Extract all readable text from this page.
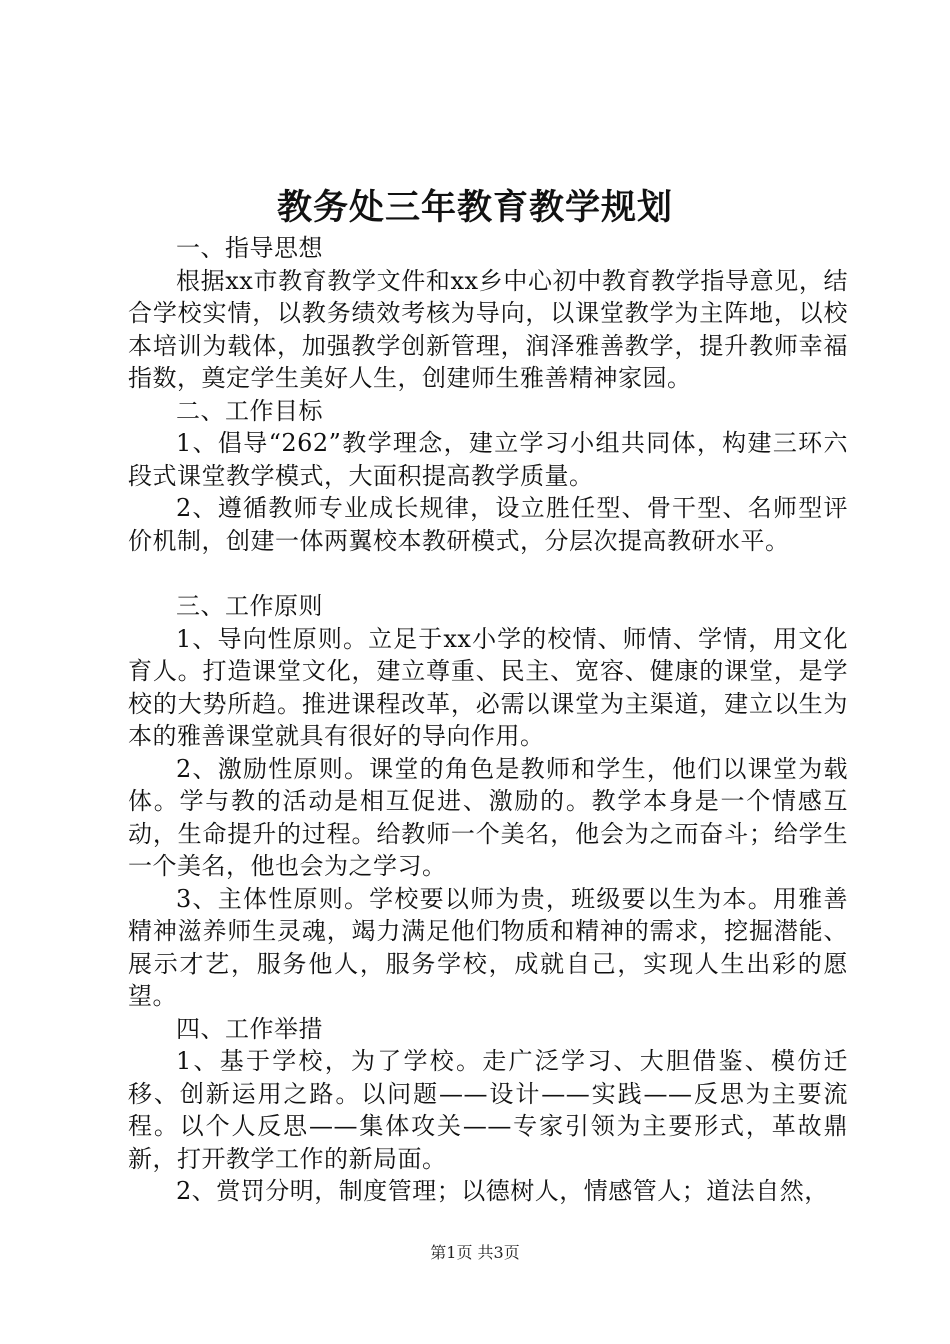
教务处三年教育教学规划

一、指导思想

根据xx市教育教学文件和xx乡中心初中教育教学指导意见，结合学校实情，以教务绩效考核为导向，以课堂教学为主阵地，以校本培训为载体，加强教学创新管理，润泽雅善教学，提升教师幸福指数，奠定学生美好人生，创建师生雅善精神家园。

二、工作目标

1、倡导“262”教学理念，建立学习小组共同体，构建三环六段式课堂教学模式，大面积提高教学质量。

2、遵循教师专业成长规律，设立胜任型、骨干型、名师型评价机制，创建一体两翼校本教研模式，分层次提高教研水平。

三、工作原则

1、导向性原则。立足于xx小学的校情、师情、学情，用文化育人。打造课堂文化，建立尊重、民主、宽容、健康的课堂，是学校的大势所趋。推进课程改革，必需以课堂为主渠道，建立以生为本的雅善课堂就具有很好的导向作用。

2、激励性原则。课堂的角色是教师和学生，他们以课堂为载体。学与教的活动是相互促进、激励的。教学本身是一个情感互动，生命提升的过程。给教师一个美名，他会为之而奋斗；给学生一个美名，他也会为之学习。

3、主体性原则。学校要以师为贵，班级要以生为本。用雅善精神滋养师生灵魂，竭力满足他们物质和精神的需求，挖掘潜能、展示才艺，服务他人，服务学校，成就自己，实现人生出彩的愿望。

四、工作举措

1、基于学校，为了学校。走广泛学习、大胆借鉴、模仿迁移、创新运用之路。以问题——设计——实践——反思为主要流程。以个人反思——集体攻关——专家引领为主要形式，革故鼎新，打开教学工作的新局面。

2、赏罚分明，制度管理；以德树人，情感管人；道法自然，

第1页 共3页
